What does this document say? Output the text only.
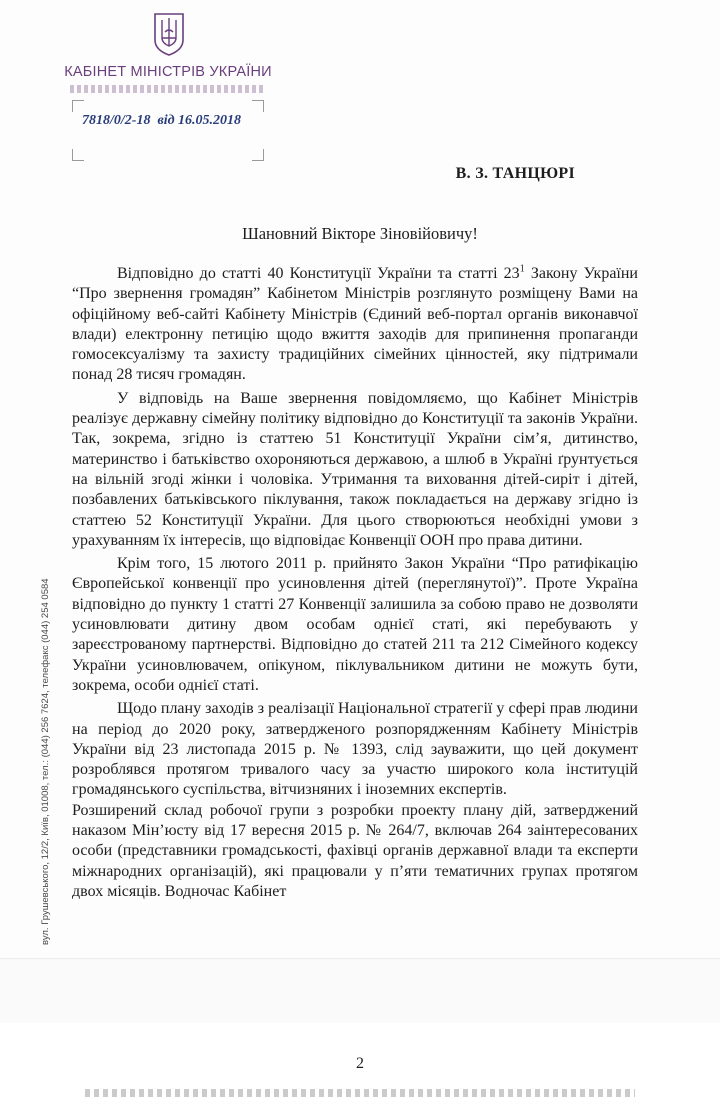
КАБІНЕТ МІНІСТРІВ УКРАЇНИ
7818/0/2-18 від 16.05.2018
В. З. ТАНЦЮРІ
Шановний Вікторе Зіновійовичу!

Відповідно до статті 40 Конституції України та статті $23^1$ Закону України “Про звернення громадян” Кабінетом Міністрів розглянуто розміщену Вами на офіційному веб-сайті Кабінету Міністрів (Єдиний веб-портал органів виконавчої влади) електронну петицію щодо вжиття заходів для припинення пропаганди гомосексуалізму та захисту традиційних сімейних цінностей, яку підтримали понад 28 тисяч громадян.

У відповідь на Ваше звернення повідомляємо, що Кабінет Міністрів реалізує державну сімейну політику відповідно до Конституції та законів України. Так, зокрема, згідно із статтею 51 Конституції України сім’я, дитинство, материнство і батьківство охороняються державою, а шлюб в Україні ґрунтується на вільній згоді жінки і чоловіка. Утримання та виховання дітей-сиріт і дітей, позбавлених батьківського піклування, також покладається на державу згідно із статтею 52 Конституції України. Для цього створюються необхідні умови з урахуванням їх інтересів, що відповідає Конвенції ООН про права дитини.

Крім того, 15 лютого 2011 р. прийнято Закон України “Про ратифікацію Європейської конвенції про усиновлення дітей (переглянутої)”. Проте Україна відповідно до пункту 1 статті 27 Конвенції залишила за собою право не дозволяти усиновлювати дитину двом особам однієї статі, які перебувають у зареєстрованому партнерстві. Відповідно до статей 211 та 212 Сімейного кодексу України усиновлювачем, опікуном, піклувальником дитини не можуть бути, зокрема, особи однієї статі.

Щодо плану заходів з реалізації Національної стратегії у сфері прав людини на період до 2020 року, затвердженого розпорядженням Кабінету Міністрів України від 23 листопада 2015 р. № 1393, слід зауважити, що цей документ розроблявся протягом тривалого часу за участю широкого кола інституцій громадянського суспільства, вітчизняних і іноземних експертів.

Розширений склад робочої групи з розробки проекту плану дій, затверджений наказом Мін’юсту від 17 вересня 2015 р. № 264/7, включав 264 заінтересованих особи (представники громадськості, фахівці органів державної влади та експерти міжнародних організацій), які працювали у п’яти тематичних групах протягом двох місяців. Водночас Кабінет

вул. Грушевського, 12/2, Київ, 01008, тел.: (044) 256 7624, телефакс (044) 254 0584
2
